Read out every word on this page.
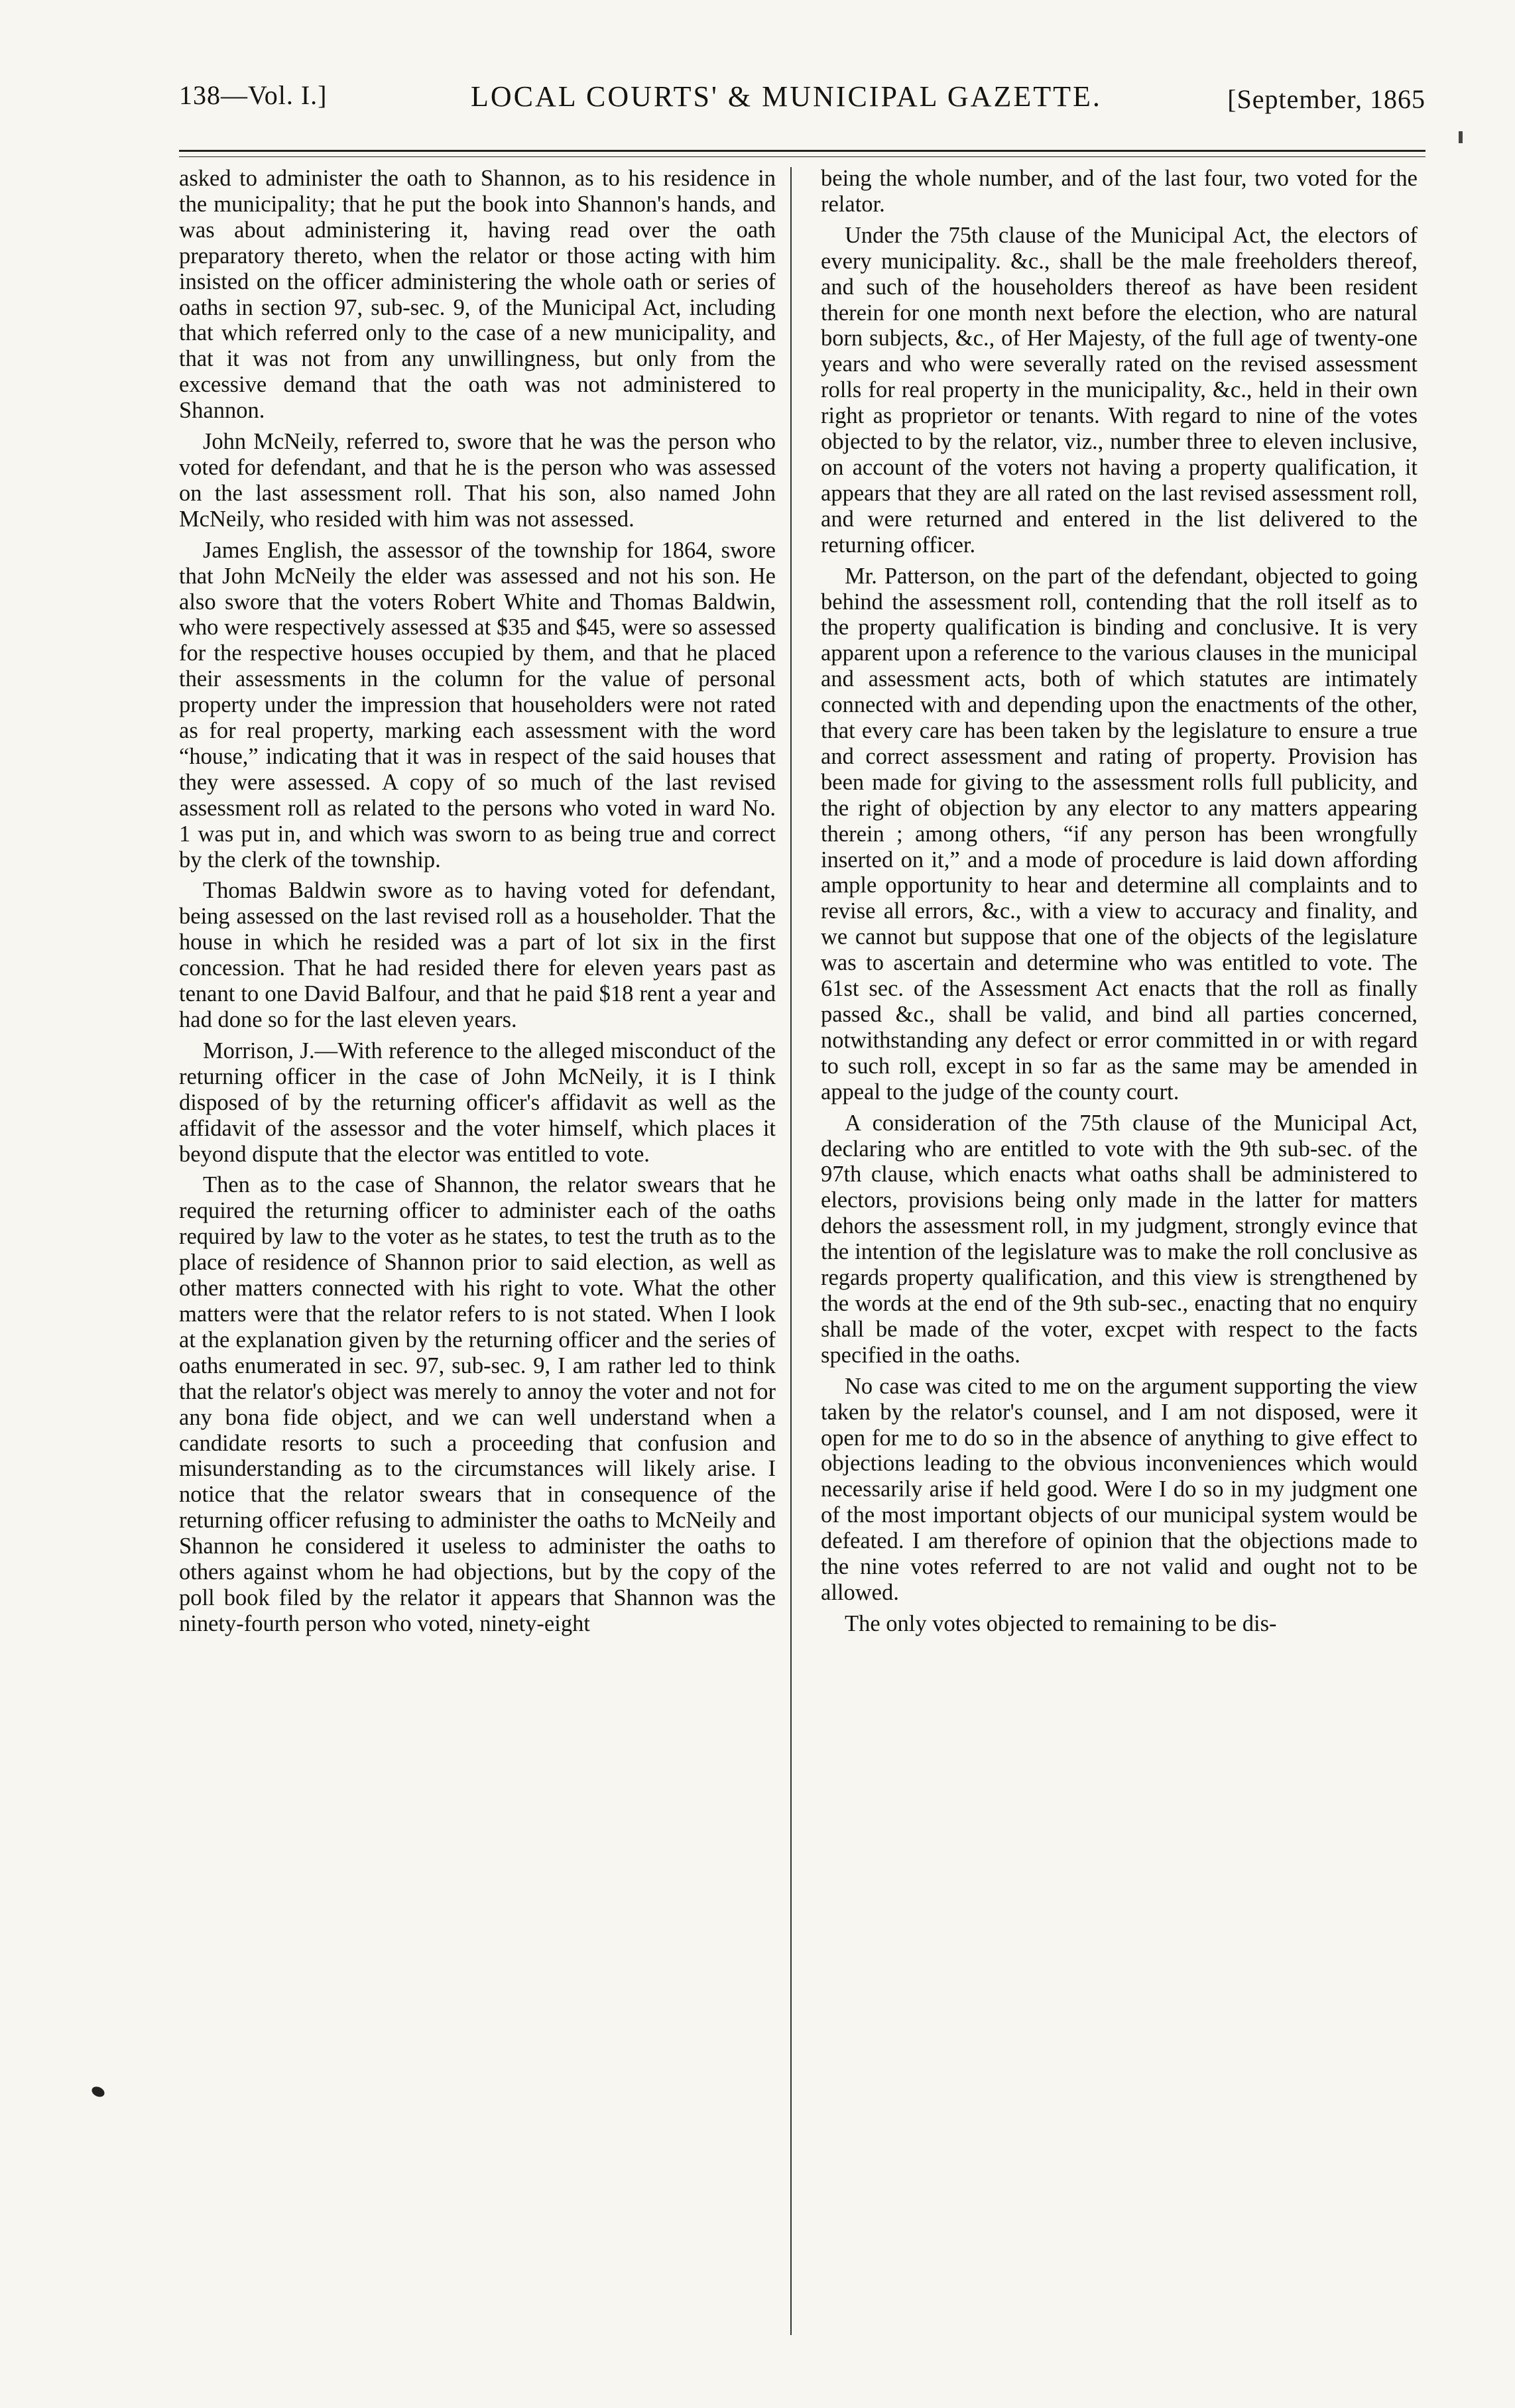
138—Vol. I.]	LOCAL COURTS' & MUNICIPAL GAZETTE.	[September, 1865

asked to administer the oath to Shannon, as to his residence in the municipality; that he put the book into Shannon's hands, and was about administering it, having read over the oath preparatory thereto, when the relator or those acting with him insisted on the officer administering the whole oath or series of oaths in section 97, sub-sec. 9, of the Municipal Act, including that which referred only to the case of a new municipality, and that it was not from any unwillingness, but only from the excessive demand that the oath was not administered to Shannon.

John McNeily, referred to, swore that he was the person who voted for defendant, and that he is the person who was assessed on the last assessment roll. That his son, also named John McNeily, who resided with him was not assessed.

James English, the assessor of the township for 1864, swore that John McNeily the elder was assessed and not his son. He also swore that the voters Robert White and Thomas Baldwin, who were respectively assessed at $35 and $45, were so assessed for the respective houses occupied by them, and that he placed their assessments in the column for the value of personal property under the impression that householders were not rated as for real property, marking each assessment with the word “house,” indicating that it was in respect of the said houses that they were assessed. A copy of so much of the last revised assessment roll as related to the persons who voted in ward No. 1 was put in, and which was sworn to as being true and correct by the clerk of the township.

Thomas Baldwin swore as to having voted for defendant, being assessed on the last revised roll as a householder. That the house in which he resided was a part of lot six in the first concession. That he had resided there for eleven years past as tenant to one David Balfour, and that he paid $18 rent a year and had done so for the last eleven years.

Morrison, J.—With reference to the alleged misconduct of the returning officer in the case of John McNeily, it is I think disposed of by the returning officer's affidavit as well as the affidavit of the assessor and the voter himself, which places it beyond dispute that the elector was entitled to vote.

Then as to the case of Shannon, the relator swears that he required the returning officer to administer each of the oaths required by law to the voter as he states, to test the truth as to the place of residence of Shannon prior to said election, as well as other matters connected with his right to vote. What the other matters were that the relator refers to is not stated. When I look at the explanation given by the returning officer and the series of oaths enumerated in sec. 97, sub-sec. 9, I am rather led to think that the relator's object was merely to annoy the voter and not for any bona fide object, and we can well understand when a candidate resorts to such a proceeding that confusion and misunderstanding as to the circumstances will likely arise. I notice that the relator swears that in consequence of the returning officer refusing to administer the oaths to McNeily and Shannon he considered it useless to administer the oaths to others against whom he had objections, but by the copy of the poll book filed by the relator it appears that Shannon was the ninety-fourth person who voted, ninety-eight

being the whole number, and of the last four, two voted for the relator.

Under the 75th clause of the Municipal Act, the electors of every municipality. &c., shall be the male freeholders thereof, and such of the householders thereof as have been resident therein for one month next before the election, who are natural born subjects, &c., of Her Majesty, of the full age of twenty-one years and who were severally rated on the revised assessment rolls for real property in the municipality, &c., held in their own right as proprietor or tenants. With regard to nine of the votes objected to by the relator, viz., number three to eleven inclusive, on account of the voters not having a property qualification, it appears that they are all rated on the last revised assessment roll, and were returned and entered in the list delivered to the returning officer.

Mr. Patterson, on the part of the defendant, objected to going behind the assessment roll, contending that the roll itself as to the property qualification is binding and conclusive. It is very apparent upon a reference to the various clauses in the municipal and assessment acts, both of which statutes are intimately connected with and depending upon the enactments of the other, that every care has been taken by the legislature to ensure a true and correct assessment and rating of property. Provision has been made for giving to the assessment rolls full publicity, and the right of objection by any elector to any matters appearing therein ; among others, “if any person has been wrongfully inserted on it,” and a mode of procedure is laid down affording ample opportunity to hear and determine all complaints and to revise all errors, &c., with a view to accuracy and finality, and we cannot but suppose that one of the objects of the legislature was to ascertain and determine who was entitled to vote. The 61st sec. of the Assessment Act enacts that the roll as finally passed &c., shall be valid, and bind all parties concerned, notwithstanding any defect or error committed in or with regard to such roll, except in so far as the same may be amended in appeal to the judge of the county court.

A consideration of the 75th clause of the Municipal Act, declaring who are entitled to vote with the 9th sub-sec. of the 97th clause, which enacts what oaths shall be administered to electors, provisions being only made in the latter for matters dehors the assessment roll, in my judgment, strongly evince that the intention of the legislature was to make the roll conclusive as regards property qualification, and this view is strengthened by the words at the end of the 9th sub-sec., enacting that no enquiry shall be made of the voter, excpet with respect to the facts specified in the oaths.

No case was cited to me on the argument supporting the view taken by the relator's counsel, and I am not disposed, were it open for me to do so in the absence of anything to give effect to objections leading to the obvious inconveniences which would necessarily arise if held good. Were I do so in my judgment one of the most important objects of our municipal system would be defeated. I am therefore of opinion that the objections made to the nine votes referred to are not valid and ought not to be allowed.

The only votes objected to remaining to be dis-
